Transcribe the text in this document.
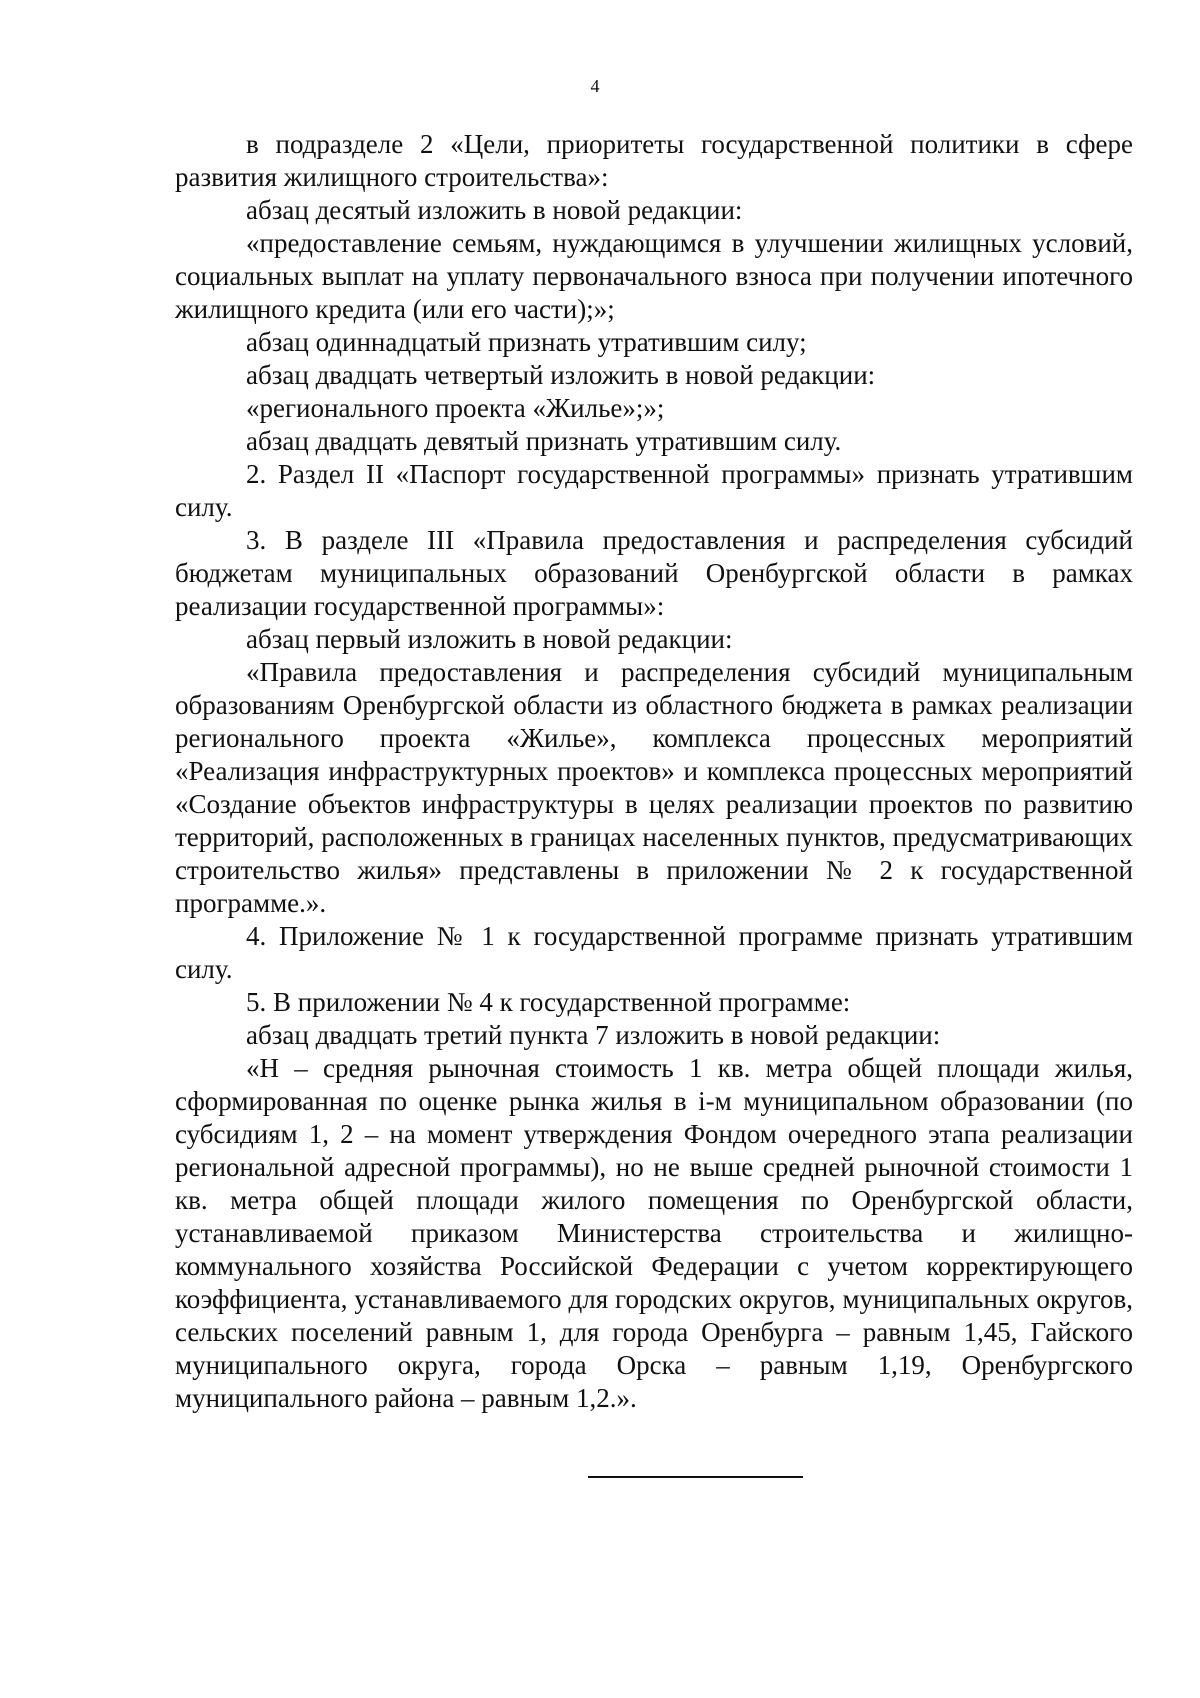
4

в подразделе 2 «Цели, приоритеты государственной политики в сфере развития жилищного строительства»:

абзац десятый изложить в новой редакции:

«предоставление семьям, нуждающимся в улучшении жилищных условий, социальных выплат на уплату первоначального взноса при получении ипотечного жилищного кредита (или его части);»;

абзац одиннадцатый признать утратившим силу;

абзац двадцать четвертый изложить в новой редакции:

«регионального проекта «Жилье»;»;

абзац двадцать девятый признать утратившим силу.

2. Раздел II «Паспорт государственной программы» признать утратившим силу.

3. В разделе III «Правила предоставления и распределения субсидий бюджетам муниципальных образований Оренбургской области в рамках реализации государственной программы»:

абзац первый изложить в новой редакции:

«Правила предоставления и распределения субсидий муниципальным образованиям Оренбургской области из областного бюджета в рамках реализации регионального проекта «Жилье», комплекса процессных мероприятий «Реализация инфраструктурных проектов» и комплекса процессных мероприятий «Создание объектов инфраструктуры в целях реализации проектов по развитию территорий, расположенных в границах населенных пунктов, предусматривающих строительство жилья» представлены в приложении № 2 к государственной программе.».

4. Приложение № 1 к государственной программе признать утратившим силу.

5. В приложении № 4 к государственной программе:

абзац двадцать третий пункта 7 изложить в новой редакции:

«Н – средняя рыночная стоимость 1 кв. метра общей площади жилья, сформированная по оценке рынка жилья в i-м муниципальном образовании (по субсидиям 1, 2 – на момент утверждения Фондом очередного этапа реализации региональной адресной программы), но не выше средней рыночной стоимости 1 кв. метра общей площади жилого помещения по Оренбургской области, устанавливаемой приказом Министерства строительства и жилищно-коммунального хозяйства Российской Федерации с учетом корректирующего коэффициента, устанавливаемого для городских округов, муниципальных округов, сельских поселений равным 1, для города Оренбурга – равным 1,45, Гайского муниципального округа, города Орска – равным 1,19, Оренбургского муниципального района – равным 1,2.».
